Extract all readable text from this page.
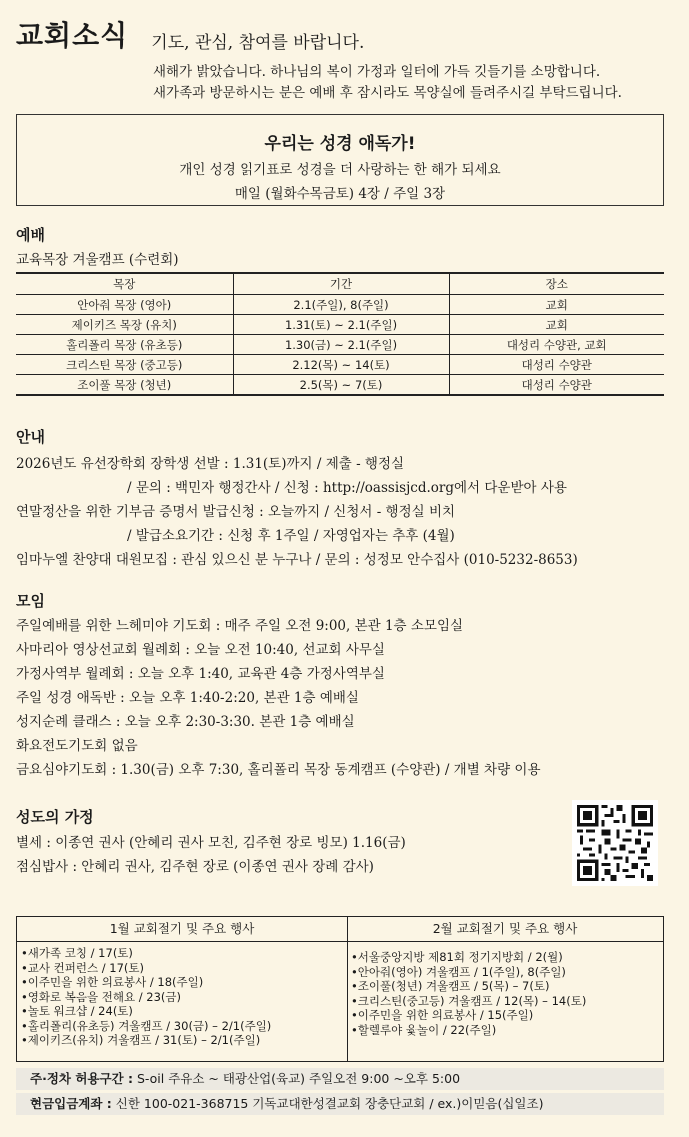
교회소식 기도, 관심, 참여를 바랍니다.
새해가 밝았습니다. 하나님의 복이 가정과 일터에 가득 깃들기를 소망합니다.
새가족과 방문하시는 분은 예배 후 잠시라도 목양실에 들려주시길 부탁드립니다.
우리는 성경 애독가!
개인 성경 읽기표로 성경을 더 사랑하는 한 해가 되세요
매일 (월화수목금토) 4장 / 주일 3장
예배
교육목장 겨울캠프 (수련회)
목장	기간	장소
안아줘 목장 (영아)	2.1(주일), 8(주일)	교회
제이키즈 목장 (유치)	1.31(토) ~ 2.1(주일)	교회
홀리폴리 목장 (유초등)	1.30(금) ~ 2.1(주일)	대성리 수양관, 교회
크리스틴 목장 (중고등)	2.12(목) ~ 14(토)	대성리 수양관
조이풀 목장 (청년)	2.5(목) ~ 7(토)	대성리 수양관
안내
2026년도 유선장학회 장학생 선발 : 1.31(토)까지 / 제출 - 행정실
/ 문의 : 백민자 행정간사 / 신청 : http://oassisjcd.org에서 다운받아 사용
연말정산을 위한 기부금 증명서 발급신청 : 오늘까지 / 신청서 - 행정실 비치
/ 발급소요기간 : 신청 후 1주일 / 자영업자는 추후 (4월)
임마누엘 찬양대 대원모집 : 관심 있으신 분 누구나 / 문의 : 성정모 안수집사 (010-5232-8653)
모임
주일예배를 위한 느헤미야 기도회 : 매주 주일 오전 9:00, 본관 1층 소모임실
사마리아 영상선교회 월례회 : 오늘 오전 10:40, 선교회 사무실
가정사역부 월례회 : 오늘 오후 1:40, 교육관 4층 가정사역부실
주일 성경 애독반 : 오늘 오후 1:40-2:20, 본관 1층 예배실
성지순례 클래스 : 오늘 오후 2:30-3:30. 본관 1층 예배실
화요전도기도회 없음
금요심야기도회 : 1.30(금) 오후 7:30, 홀리폴리 목장 동계캠프 (수양관) / 개별 차량 이용
성도의 가정
별세 : 이종연 권사 (안혜리 권사 모친, 김주현 장로 빙모) 1.16(금)
점심밥사 : 안혜리 권사, 김주현 장로 (이종연 권사 장례 감사)
1월 교회절기 및 주요 행사
• 새가족 코칭 / 17(토)
• 교사 컨퍼런스 / 17(토)
• 이주민을 위한 의료봉사 / 18(주일)
• 영화로 복음을 전해요 / 23(금)
• 놀토 워크샵 / 24(토)
• 홀리폴리(유초등) 겨울캠프 / 30(금) – 2/1(주일)
• 제이키즈(유치) 겨울캠프 / 31(토) – 2/1(주일)
2월 교회절기 및 주요 행사
• 서울중앙지방 제81회 정기지방회 / 2(월)
• 안아줘(영아) 겨울캠프 / 1(주일), 8(주일)
• 조이풀(청년) 겨울캠프 / 5(목) – 7(토)
• 크리스틴(중고등) 겨울캠프 / 12(목) – 14(토)
• 이주민을 위한 의료봉사 / 15(주일)
• 할렐루야 윷놀이 / 22(주일)
주·정차 허용구간 : S-oil 주유소 ~ 태광산업(육교) 주일오전 9:00 ~오후 5:00
현금입금계좌 : 신한 100-021-368715 기독교대한성결교회 장충단교회 / ex.)이믿음(십일조)
